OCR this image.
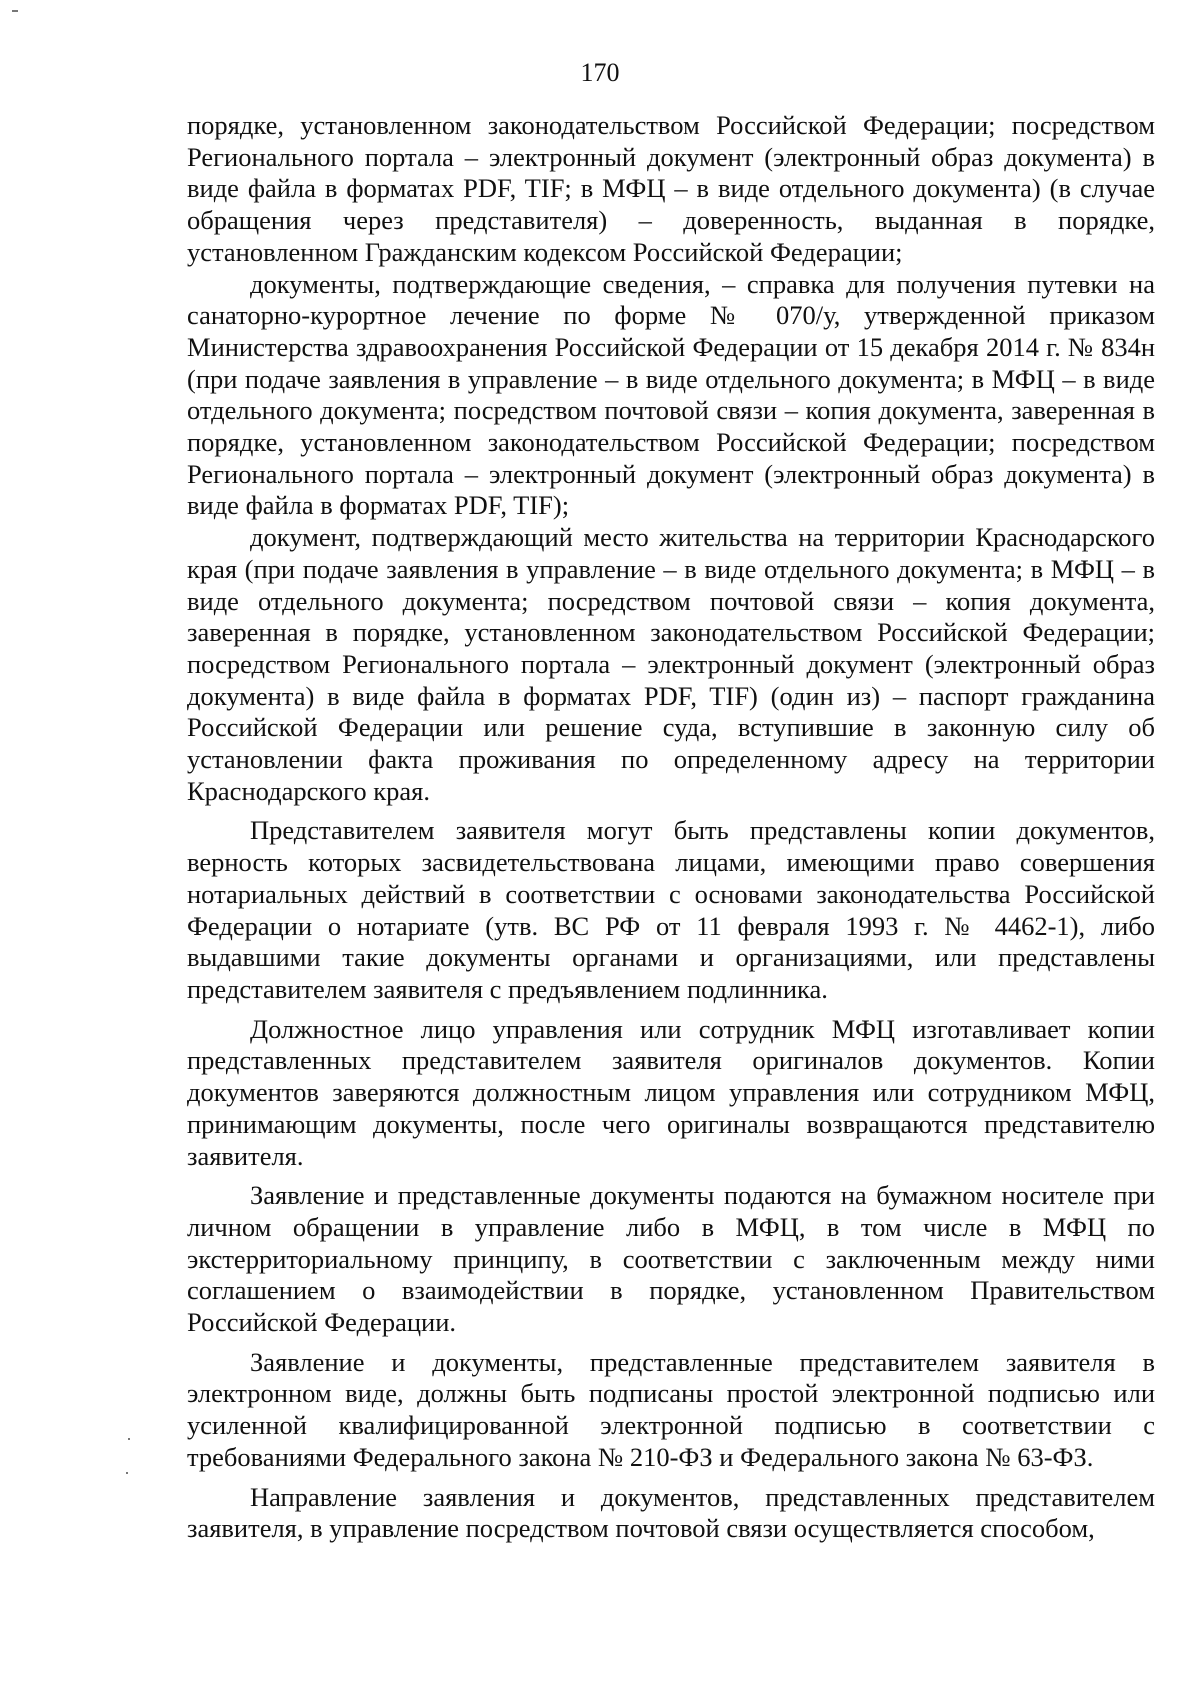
170

порядке, установленном законодательством Российской Федерации; посредством Регионального портала – электронный документ (электронный образ документа) в виде файла в форматах PDF, TIF; в МФЦ – в виде отдельного документа) (в случае обращения через представителя) – доверенность, выданная в порядке, установленном Гражданским кодексом Российской Федерации;

документы, подтверждающие сведения, – справка для получения путевки на санаторно-курортное лечение по форме № 070/у, утвержденной приказом Министерства здравоохранения Российской Федерации от 15 декабря 2014 г. № 834н (при подаче заявления в управление – в виде отдельного документа; в МФЦ – в виде отдельного документа; посредством почтовой связи – копия документа, заверенная в порядке, установленном законодательством Российской Федерации; посредством Регионального портала – электронный документ (электронный образ документа) в виде файла в форматах PDF, TIF);

документ, подтверждающий место жительства на территории Краснодарского края (при подаче заявления в управление – в виде отдельного документа; в МФЦ – в виде отдельного документа; посредством почтовой связи – копия документа, заверенная в порядке, установленном законодательством Российской Федерации; посредством Регионального портала – электронный документ (электронный образ документа) в виде файла в форматах PDF, TIF) (один из) – паспорт гражданина Российской Федерации или решение суда, вступившие в законную силу об установлении факта проживания по определенному адресу на территории Краснодарского края.

Представителем заявителя могут быть представлены копии документов, верность которых засвидетельствована лицами, имеющими право совершения нотариальных действий в соответствии с основами законодательства Российской Федерации о нотариате (утв. ВС РФ от 11 февраля 1993 г. № 4462-1), либо выдавшими такие документы органами и организациями, или представлены представителем заявителя с предъявлением подлинника.

Должностное лицо управления или сотрудник МФЦ изготавливает копии представленных представителем заявителя оригиналов документов. Копии документов заверяются должностным лицом управления или сотрудником МФЦ, принимающим документы, после чего оригиналы возвращаются представителю заявителя.

Заявление и представленные документы подаются на бумажном носителе при личном обращении в управление либо в МФЦ, в том числе в МФЦ по экстерриториальному принципу, в соответствии с заключенным между ними соглашением о взаимодействии в порядке, установленном Правительством Российской Федерации.

Заявление и документы, представленные представителем заявителя в электронном виде, должны быть подписаны простой электронной подписью или усиленной квалифицированной электронной подписью в соответствии с требованиями Федерального закона № 210-ФЗ и Федерального закона № 63-ФЗ.

Направление заявления и документов, представленных представителем заявителя, в управление посредством почтовой связи осуществляется способом,
